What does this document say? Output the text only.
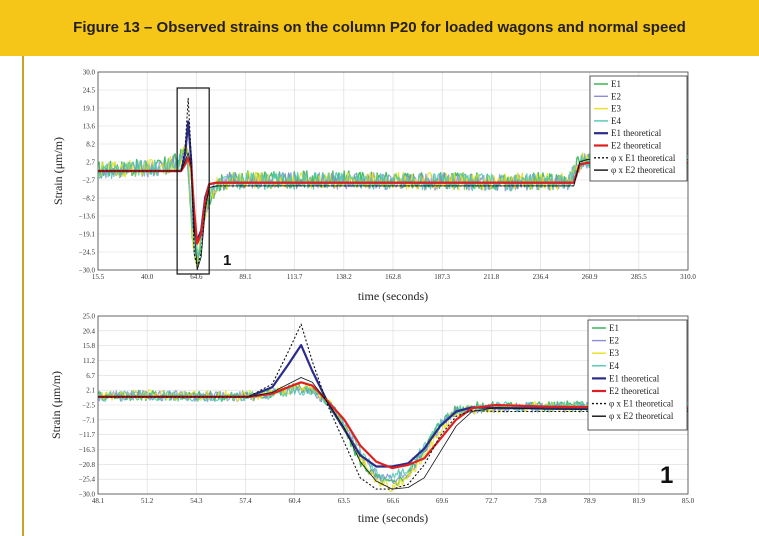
Figure 13 – Observed strains on the column P20 for loaded wagons and normal speed
15.5	40.0	64.6	89.1	113.7	138.2	162.8	187.3	211.8	236.4	260.9	285.5	310.0
30.0
24.5
19.1
13.6
8.2
2.7
−2.7
−8.2
−13.6
−19.1
−24.5
−30.0
time (seconds)
Strain (μm/m)
E1
E2
E3
E4
E1 theoretical
E2 theoretical
φ x E1 theoretical
φ x E2 theoretical
1
48.1	51.2	54.3	57.4	60.4	63.5	66.6	69.6	72.7	75.8	78.9	81.9	85.0
25.0
20.4
15.8
11.2
6.7
2.1
−2.5
−7.1
−11.7
−16.3
−20.8
−25.4
−30.0
time (seconds)
Strain (μm/m)
E1
E2
E3
E4
E1 theoretical
E2 theoretical
φ x E1 theoretical
φ x E2 theoretical
1
